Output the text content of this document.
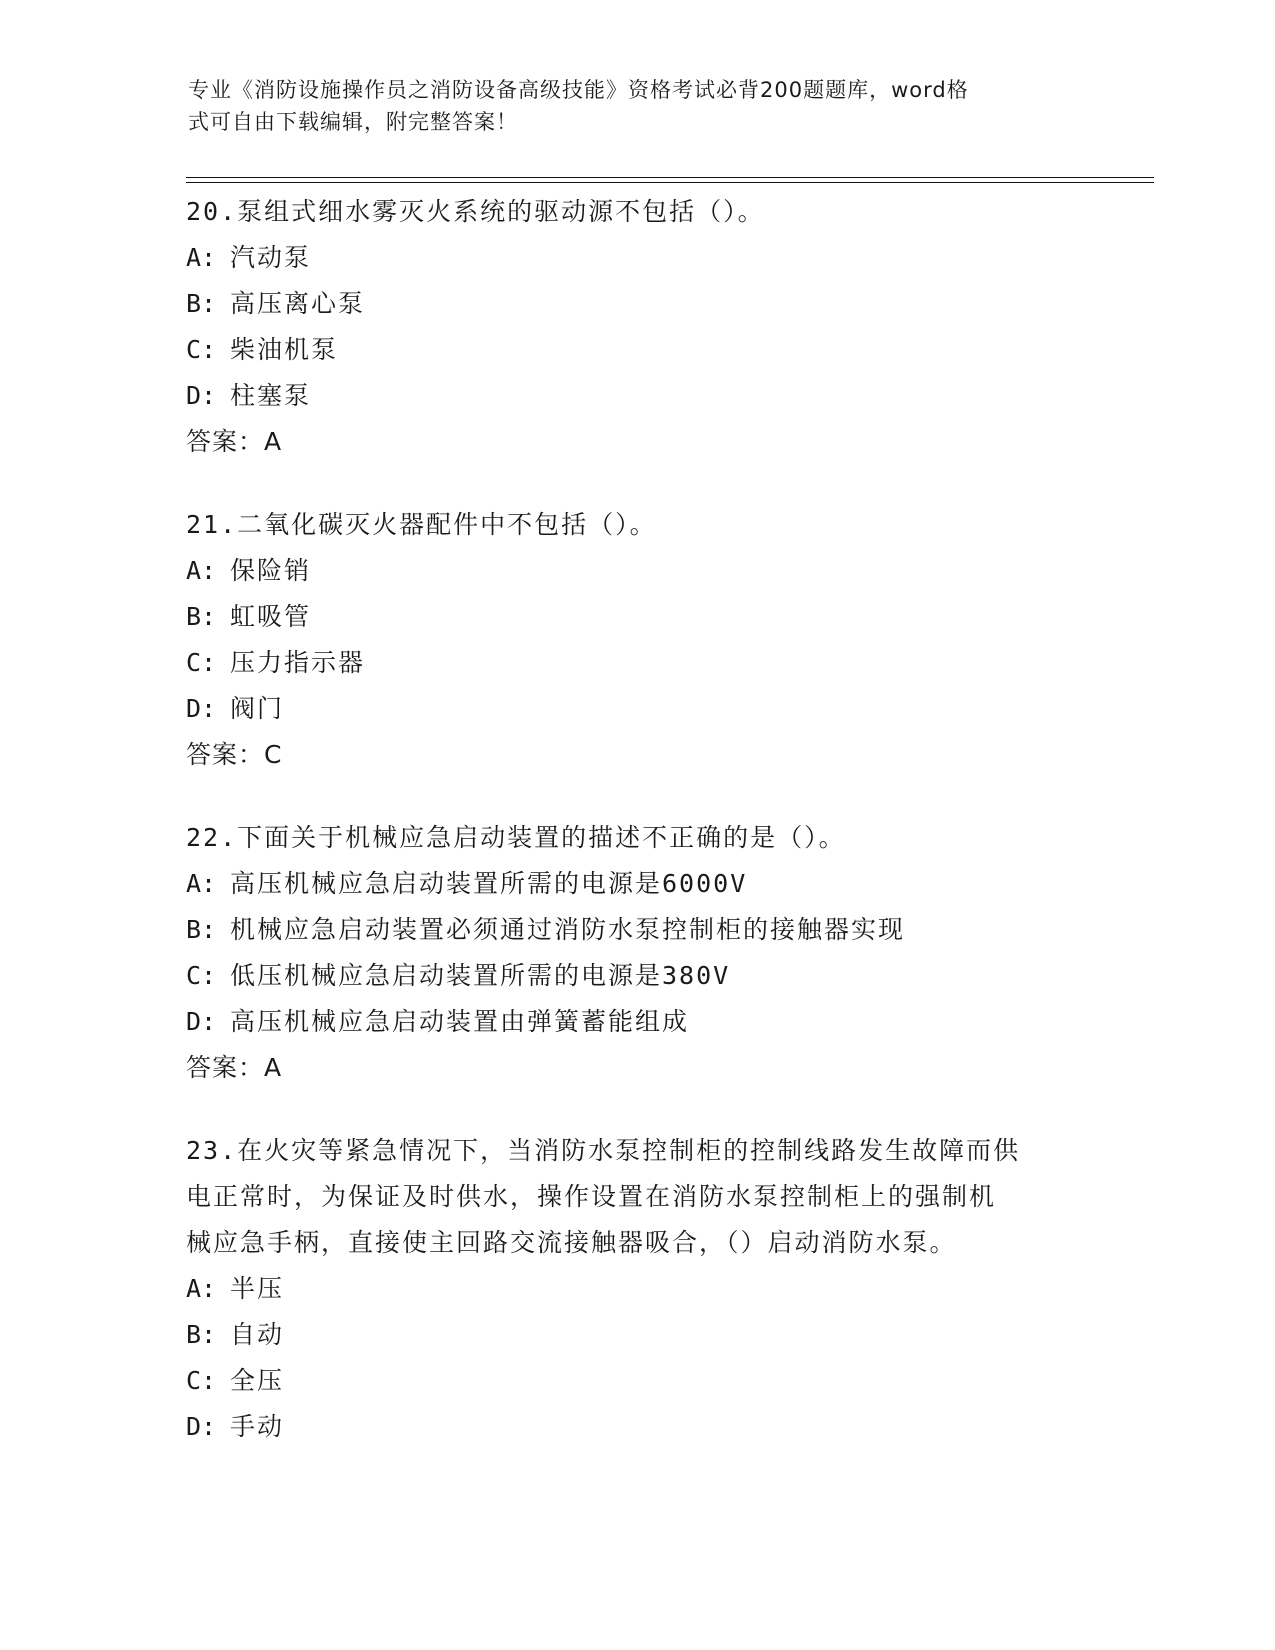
专业《消防设施操作员之消防设备高级技能》资格考试必背200题题库，word格
式可自由下载编辑，附完整答案！

20.泵组式细水雾灭火系统的驱动源不包括（）。

A: 汽动泵

B: 高压离心泵

C: 柴油机泵

D: 柱塞泵

答案：A

21.二氧化碳灭火器配件中不包括（）。

A: 保险销

B: 虹吸管

C: 压力指示器

D: 阀门

答案：C

22.下面关于机械应急启动装置的描述不正确的是（）。

A: 高压机械应急启动装置所需的电源是6000V

B: 机械应急启动装置必须通过消防水泵控制柜的接触器实现

C: 低压机械应急启动装置所需的电源是380V

D: 高压机械应急启动装置由弹簧蓄能组成

答案：A

23.在火灾等紧急情况下，当消防水泵控制柜的控制线路发生故障而供

电正常时，为保证及时供水，操作设置在消防水泵控制柜上的强制机

械应急手柄，直接使主回路交流接触器吸合，（）启动消防水泵。

A: 半压

B: 自动

C: 全压

D: 手动
